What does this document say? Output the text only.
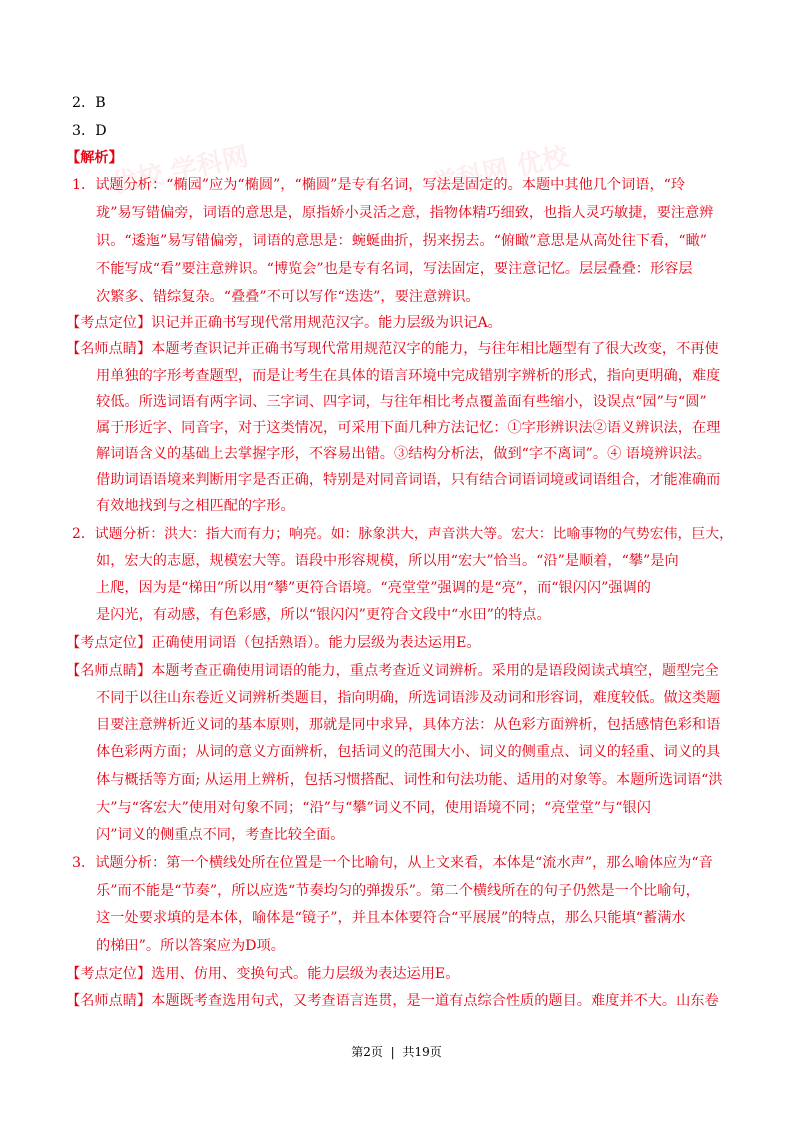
优校 学科网	学科网 优校
2．B
3．D
【解析】
1．试题分析：“椭园”应为“椭圆”，“椭圆”是专有名词，写法是固定的。本题中其他几个词语，“玲
珑”易写错偏旁，词语的意思是，原指娇小灵活之意，指物体精巧细致，也指人灵巧敏捷，要注意辨
识。“逶迤”易写错偏旁，词语的意思是：蜿蜒曲折，拐来拐去。“俯瞰”意思是从高处往下看，“瞰”
不能写成“看”要注意辨识。“博览会”也是专有名词，写法固定，要注意记忆。层层叠叠：形容层
次繁多、错综复杂。“叠叠”不可以写作“迭迭”，要注意辨识。
【考点定位】识记并正确书写现代常用规范汉字。能力层级为识记A。
【名师点睛】本题考查识记并正确书写现代常用规范汉字的能力，与往年相比题型有了很大改变，不再使
用单独的字形考查题型，而是让考生在具体的语言环境中完成错别字辨析的形式，指向更明确，难度
较低。所选词语有两字词、三字词、四字词，与往年相比考点覆盖面有些缩小，设误点“园”与“圆”
属于形近字、同音字，对于这类情况，可采用下面几种方法记忆：①字形辨识法②语义辨识法，在理
解词语含义的基础上去掌握字形，不容易出错。③结构分析法，做到“字不离词”。④ 语境辨识法。
借助词语语境来判断用字是否正确，特别是对同音词语，只有结合词语词境或词语组合，才能准确而
有效地找到与之相匹配的字形。
2．试题分析：洪大：指大而有力；响亮。如：脉象洪大，声音洪大等。宏大：比喻事物的气势宏伟，巨大，
如，宏大的志愿，规模宏大等。语段中形容规模，所以用“宏大”恰当。“沿”是顺着，“攀”是向
上爬，因为是“梯田”所以用“攀”更符合语境。“亮堂堂”强调的是“亮”，而“银闪闪”强调的
是闪光，有动感，有色彩感，所以“银闪闪”更符合文段中“水田”的特点。
【考点定位】正确使用词语（包括熟语）。能力层级为表达运用E。
【名师点睛】本题考查正确使用词语的能力，重点考查近义词辨析。采用的是语段阅读式填空，题型完全
不同于以往山东卷近义词辨析类题目，指向明确，所选词语涉及动词和形容词，难度较低。做这类题
目要注意辨析近义词的基本原则，那就是同中求异，具体方法：从色彩方面辨析，包括感情色彩和语
体色彩两方面；从词的意义方面辨析，包括词义的范围大小、词义的侧重点、词义的轻重、词义的具
体与概括等方面; 从运用上辨析，包括习惯搭配、词性和句法功能、适用的对象等。本题所选词语“洪
大”与“客宏大”使用对句象不同；“沿”与“攀”词义不同，使用语境不同；“亮堂堂”与“银闪
闪”词义的侧重点不同，考查比较全面。
3．试题分析：第一个横线处所在位置是一个比喻句，从上文来看，本体是“流水声”，那么喻体应为“音
乐”而不能是“节奏”，所以应选“节奏均匀的弹拨乐”。第二个横线所在的句子仍然是一个比喻句，
这一处要求填的是本体，喻体是“镜子”，并且本体要符合“平展展”的特点，那么只能填“蓄满水
的梯田”。所以答案应为D项。
【考点定位】选用、仿用、变换句式。能力层级为表达运用E。
【名师点睛】本题既考查选用句式，又考查语言连贯，是一道有点综合性质的题目。难度并不大。山东卷
第2页 | 共19页
